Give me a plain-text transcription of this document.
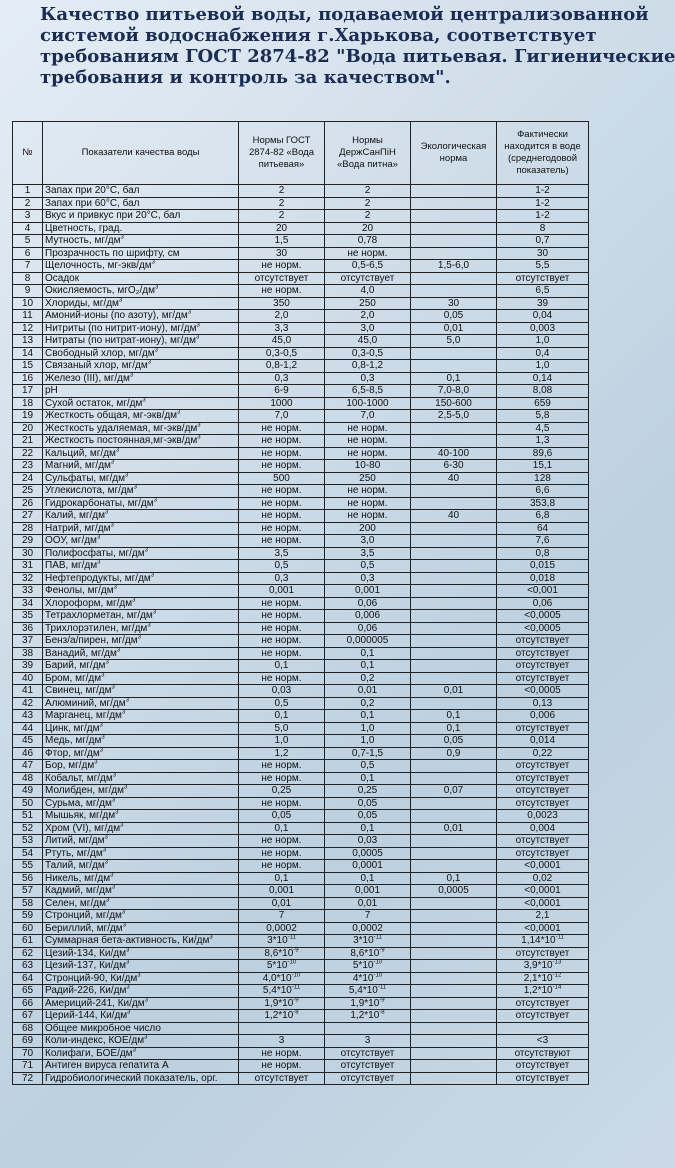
Качество питьевой воды, подаваемой централизованной
системой водоснабжения г.Харькова, соответствует
требованиям ГОСТ 2874-82 "Вода питьевая. Гигиенические
требования и контроль за качеством".
№	Показатели качества воды	Нормы ГОСТ 2874-82 «Вода питьевая»	Нормы ДержСанПіН «Вода питна»	Экологическая норма	Фактически находится в воде (среднегодовой показатель)
1	Запах при 20°С, бал	2	2		1-2
2	Запах при 60°С, бал	2	2		1-2
3	Вкус и привкус при 20°С, бал	2	2		1-2
4	Цветность, град.	20	20		8
5	Мутность, $мг/дм^3$	1,5	0,78		0,7
6	Прозрачность по шрифту, см	30	не норм.		30
7	Щелочность, $мг-экв/дм^3$	не норм.	0,5-6,5	1,5-6,0	5,5
8	Осадок	отсутствует	отсутствует		отсутствует
9	Окисляемость, мгO₂/$дм^3$	не норм.	4,0		6,5
10	Хлориды, $мг/дм^3$	350	250	30	39
11	Амоний-ионы (по азоту), $мг/дм^3$	2,0	2,0	0,05	0,04
12	Нитриты (по нитрит-иону), $мг/дм^3$	3,3	3,0	0,01	0,003
13	Нитраты (по нитрат-иону), $мг/дм^3$	45,0	45,0	5,0	1,0
14	Свободный хлор, $мг/дм^3$	0,3-0,5	0,3-0,5		0,4
15	Связаный хлор, $мг/дм^3$	0,8-1,2	0,8-1,2		1,0
16	Железо (III), $мг/дм^3$	0,3	0,3	0,1	0,14
17	pH	6-9	6,5-8,5	7,0-8,0	8,08
18	Сухой остаток, $мг/дм^3$	1000	100-1000	150-600	659
19	Жесткость общая, $мг-экв/дм^3$	7,0	7,0	2,5-5,0	5,8
20	Жесткость удаляемая, $мг-экв/дм^3$	не норм.	не норм.		4,5
21	Жесткость $постоянная,мг-экв/дм^3$	не норм.	не норм.		1,3
22	Кальций, $мг/дм^3$	не норм.	не норм.	40-100	89,6
23	Магний, $мг/дм^3$	не норм.	10-80	6-30	15,1
24	Сульфаты, $мг/дм^3$	500	250	40	128
25	Углекислота, $мг/дм^3$	не норм.	не норм.		6,6
26	Гидрокарбонаты, $мг/дм^3$	не норм.	не норм.		353,8
27	Калий, $мг/дм^3$	не норм.	не норм.	40	6,8
28	Натрий, $мг/дм^3$	не норм.	200		64
29	ООУ, $мг/дм^3$	не норм.	3,0		7,6
30	Полифосфаты, $мг/дм^3$	3,5	3,5		0,8
31	ПАВ, $мг/дм^3$	0,5	0,5		0,015
32	Нефтепродукты, $мг/дм^3$	0,3	0,3		0,018
33	Фенолы, $мг/дм^3$	0,001	0,001		<0,001
34	Хлороформ, $мг/дм^3$	не норм.	0,06		0,06
35	Тетрахлорметан, $мг/дм^3$	не норм.	0,006		<0,0005
36	Трихлорэтилен, $мг/дм^3$	не норм.	0,06		<0,0005
37	Бенз/а/пирен, $мг/дм^3$	не норм.	0,000005		отсутствует
38	Ванадий, $мг/дм^3$	не норм.	0,1		отсутствует
39	Барий, $мг/дм^3$	0,1	0,1		отсутствует
40	Бром, $мг/дм^3$	не норм.	0,2		отсутствует
41	Свинец, $мг/дм^3$	0,03	0,01	0,01	<0,0005
42	Алюминий, $мг/дм^3$	0,5	0,2		0,13
43	Марганец, $мг/дм^3$	0,1	0,1	0,1	0,006
44	Цинк, $мг/дм^3$	5,0	1,0	0,1	отсутствует
45	Медь, $мг/дм^3$	1,0	1,0	0,05	0,014
46	Фтор, $мг/дм^3$	1,2	0,7-1,5	0,9	0,22
47	Бор, $мг/дм^3$	не норм.	0,5		отсутствует
48	Кобальт, $мг/дм^3$	не норм.	0,1		отсутствует
49	Молибден, $мг/дм^3$	0,25	0,25	0,07	отсутствует
50	Сурьма, $мг/дм^3$	не норм.	0,05		отсутствует
51	Мышьяк, $мг/дм^3$	0,05	0,05		0,0023
52	Хром (VI), $мг/дм^3$	0,1	0,1	0,01	0,004
53	Литий, $мг/дм^3$	не норм.	0,03		отсутствует
54	Ртуть, $мг/дм^3$	не норм.	0,0005		отсутствует
55	Талий, $мг/дм^3$	не норм.	0,0001		<0,0001
56	Никель, $мг/дм^3$	0,1	0,1	0,1	0,02
57	Кадмий, $мг/дм^3$	0,001	0,001	0,0005	<0,0001
58	Селен, $мг/дм^3$	0,01	0,01		<0,0001
59	Стронций, $мг/дм^3$	7	7		2,1
60	Бериллий, $мг/дм^3$	0,0002	0,0002		<0,0001
61	Суммарная бета-активность, $Ки/дм^3$	$3*10^{-11}$	$3*10^{-11}$		$1,14*10^{-11}$
62	Цезий-134, $Ки/дм^3$	$8,6*10^{-9}$	$8,6*10^{-9}$		отсутствует
63	Цезий-137, $Ки/дм^3$	$5*10^{-10}$	$5*10^{-10}$		$3,9*10^{-13}$
64	Стронций-90, $Ки/дм^3$	$4,0*10^{-10}$	$4*10^{-10}$		$2,1*10^{-12}$
65	Радий-226, $Ки/дм^3$	$5,4*10^{-11}$	$5,4*10^{-11}$		$1,2*10^{-14}$
66	Америций-241, $Ки/дм^3$	$1,9*10^{-9}$	$1,9*10^{-9}$		отсутствует
67	Церий-144, $Ки/дм^3$	$1,2*10^{-8}$	$1,2*10^{-8}$		отсутствует
68	Общее микробное число				
69	Коли-индекс, КОЕ/$дм^3$	3	3		<3
70	Колифаги, БОЕ/$дм^3$	не норм.	отсутствует		отсутствуют
71	Антиген вируса гепатита А	не норм.	отсутствует		отсутствует
72	Гидробиологический показатель, орг.	отсутствует	отсутствует		отсутствует
